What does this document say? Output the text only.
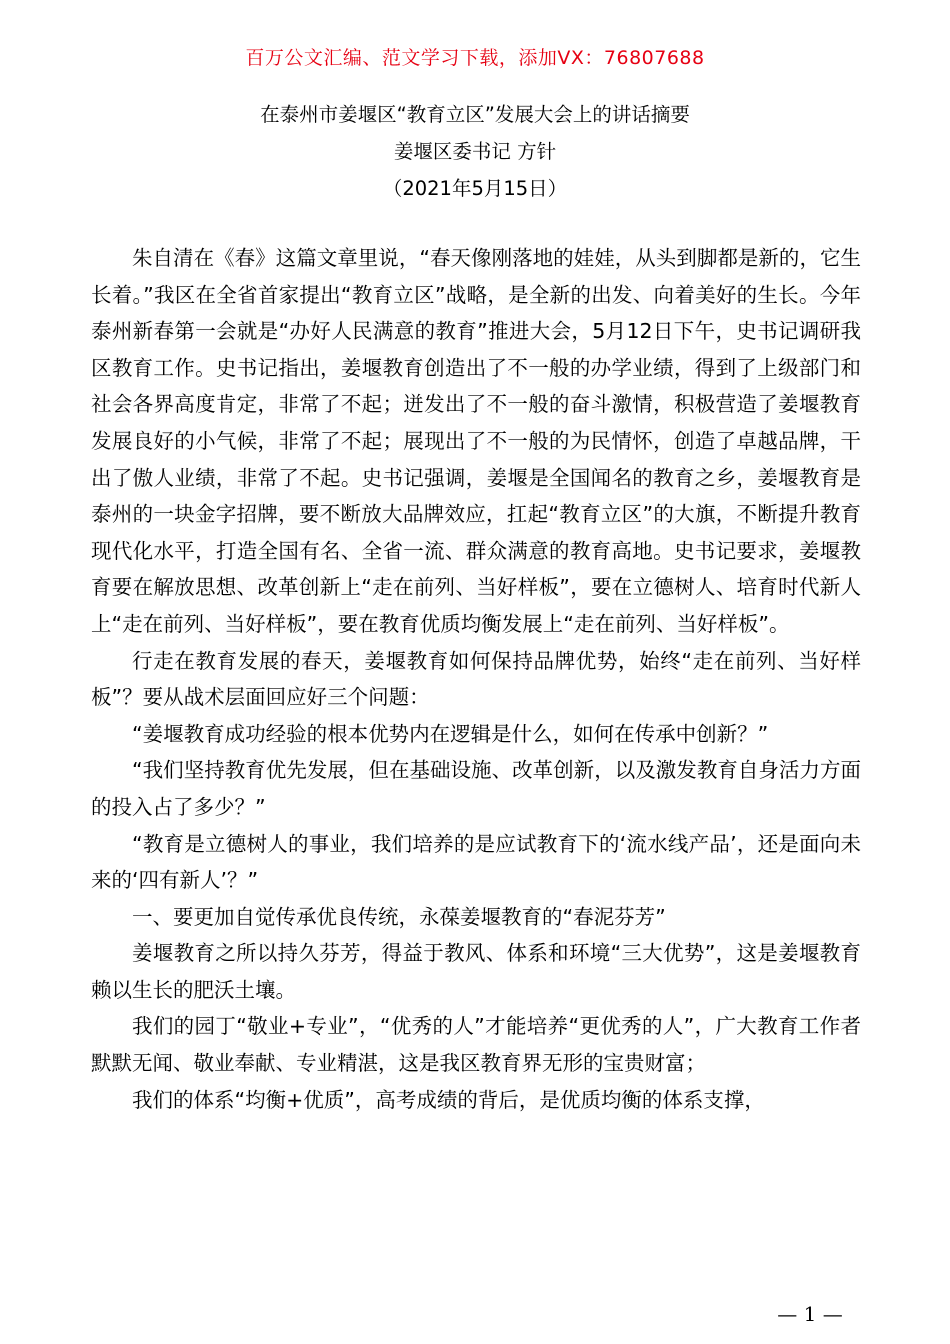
百万公文汇编、范文学习下载，添加VX：76807688
在泰州市姜堰区“教育立区”发展大会上的讲话摘要
姜堰区委书记 方针
（2021年5月15日）

朱自清在《春》这篇文章里说，“春天像刚落地的娃娃，从头到脚都是新的，它生长着。”我区在全省首家提出“教育立区”战略，是全新的出发、向着美好的生长。今年泰州新春第一会就是“办好人民满意的教育”推进大会，5月12日下午，史书记调研我区教育工作。史书记指出，姜堰教育创造出了不一般的办学业绩，得到了上级部门和社会各界高度肯定，非常了不起；迸发出了不一般的奋斗激情，积极营造了姜堰教育发展良好的小气候，非常了不起；展现出了不一般的为民情怀，创造了卓越品牌，干出了傲人业绩，非常了不起。史书记强调，姜堰是全国闻名的教育之乡，姜堰教育是泰州的一块金字招牌，要不断放大品牌效应，扛起“教育立区”的大旗，不断提升教育现代化水平，打造全国有名、全省一流、群众满意的教育高地。史书记要求，姜堰教育要在解放思想、改革创新上“走在前列、当好样板”，要在立德树人、培育时代新人上“走在前列、当好样板”，要在教育优质均衡发展上“走在前列、当好样板”。

行走在教育发展的春天，姜堰教育如何保持品牌优势，始终“走在前列、当好样板”？要从战术层面回应好三个问题：

“姜堰教育成功经验的根本优势内在逻辑是什么，如何在传承中创新？”

“我们坚持教育优先发展，但在基础设施、改革创新，以及激发教育自身活力方面的投入占了多少？”

“教育是立德树人的事业，我们培养的是应试教育下的‘流水线产品’，还是面向未来的‘四有新人’？”

一、要更加自觉传承优良传统，永葆姜堰教育的“春泥芬芳”

姜堰教育之所以持久芬芳，得益于教风、体系和环境“三大优势”，这是姜堰教育赖以生长的肥沃土壤。

我们的园丁“敬业+专业”，“优秀的人”才能培养“更优秀的人”，广大教育工作者默默无闻、敬业奉献、专业精湛，这是我区教育界无形的宝贵财富；

我们的体系“均衡+优质”，高考成绩的背后，是优质均衡的体系支撑，

— 1 —
